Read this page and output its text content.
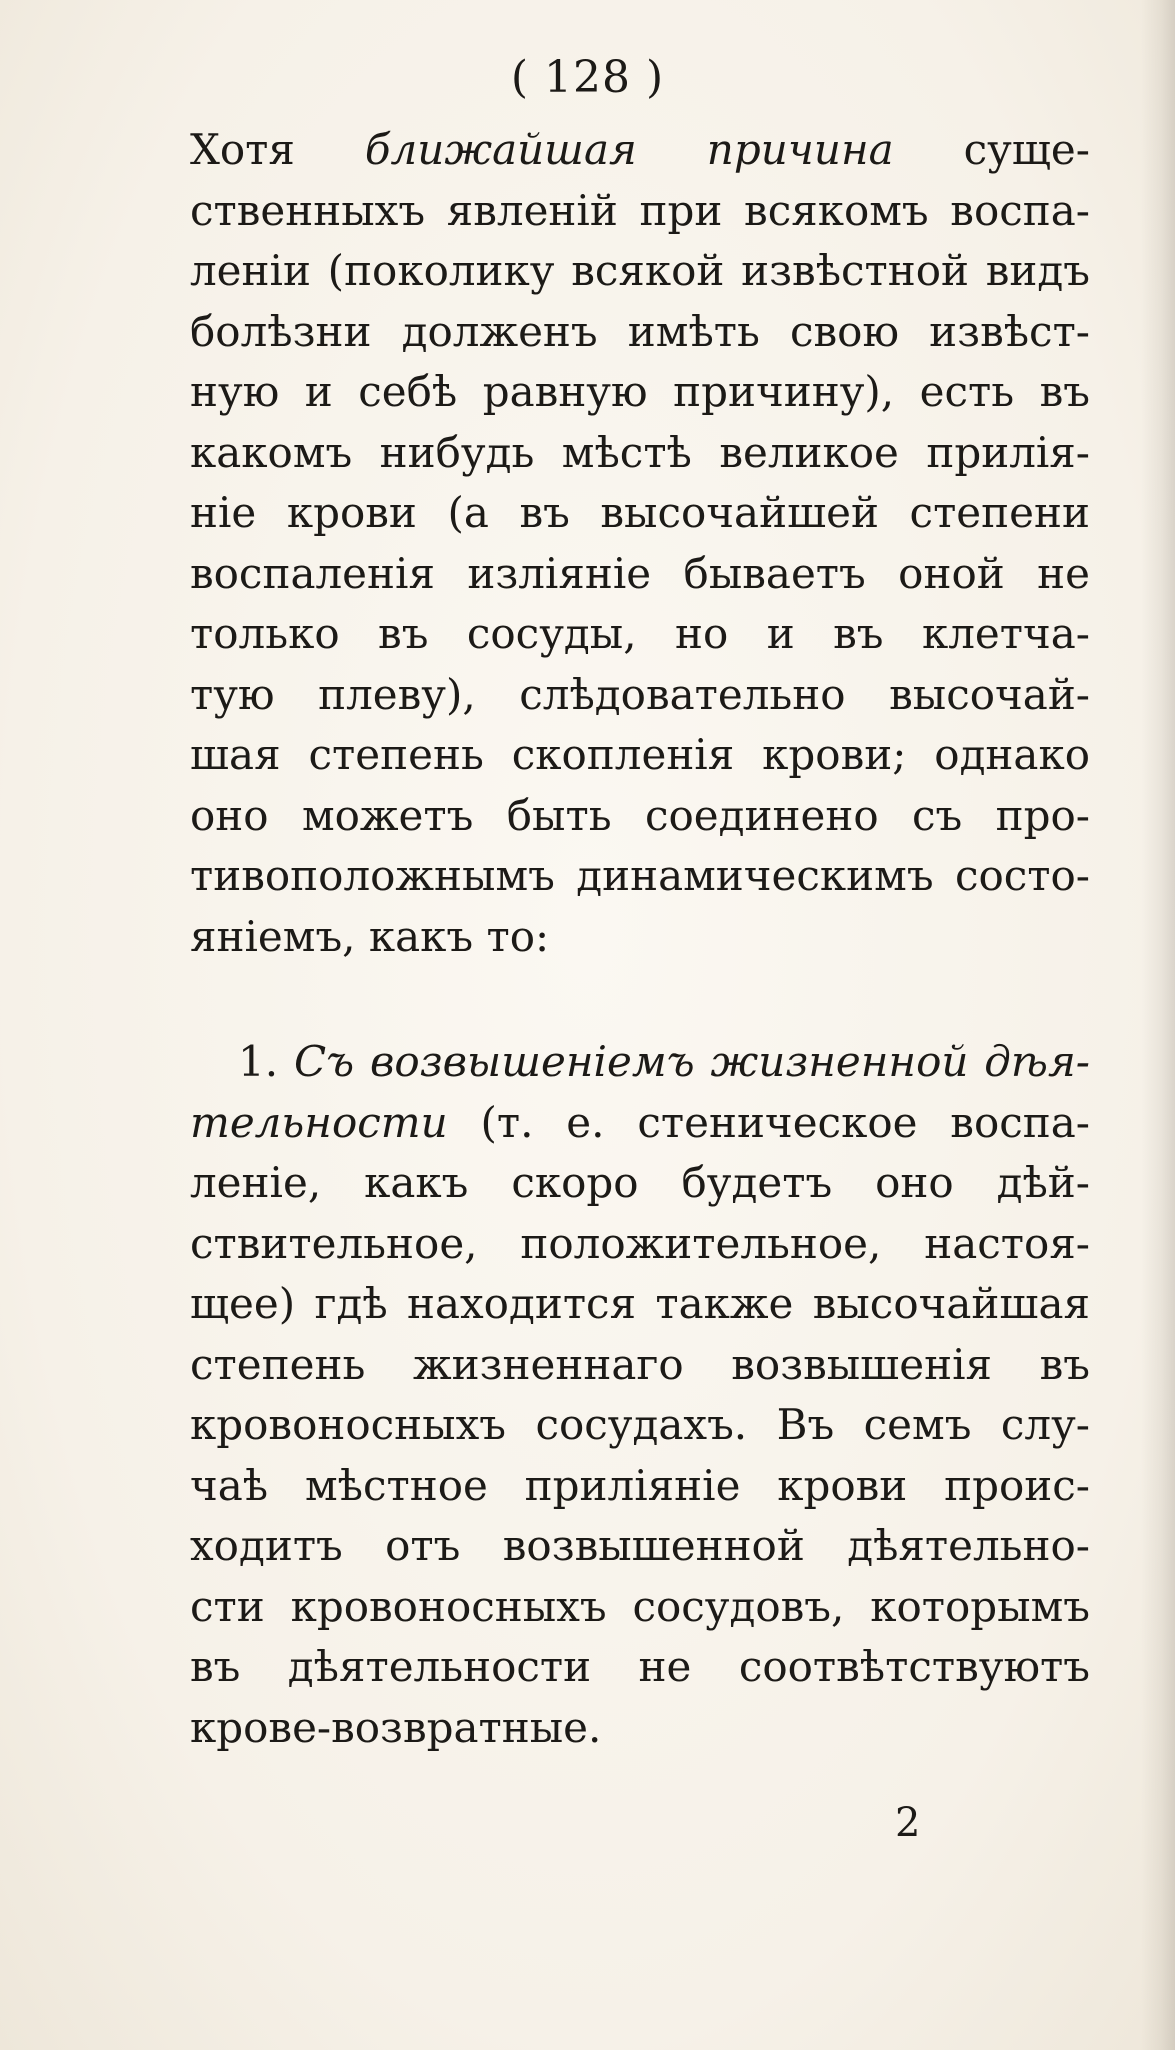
( 128 )
Хотя ближайшая причина суще-
ственныхъ явленій при всякомъ воспа-
леніи (поколику всякой извѣстной видъ
болѣзни долженъ имѣть свою извѣст-
ную и себѣ равную причину), есть въ
какомъ нибудь мѣстѣ великое прилія-
ніе крови (а въ высочайшей степени
воспаленія изліяніе бываетъ оной не
только въ сосуды, но и въ клетча-
тую плеву), слѣдовательно высочай-
шая степень скопленія крови; однако
оно можетъ быть соединено съ про-
тивоположнымъ динамическимъ состо-
яніемъ, какъ то:
1. Съ возвышеніемъ жизненной дѣя-
тельности (т. е. стеническое воспа-
леніе, какъ скоро будетъ оно дѣй-
ствительное, положительное, настоя-
щее) гдѣ находится также высочайшая
степень жизненнаго возвышенія въ
кровоносныхъ сосудахъ. Въ семъ слу-
чаѣ мѣстное приліяніе крови проис-
ходитъ отъ возвышенной дѣятельно-
сти кровоносныхъ сосудовъ, которымъ
въ дѣятельности не соотвѣтствуютъ
крове-возвратные.
2
